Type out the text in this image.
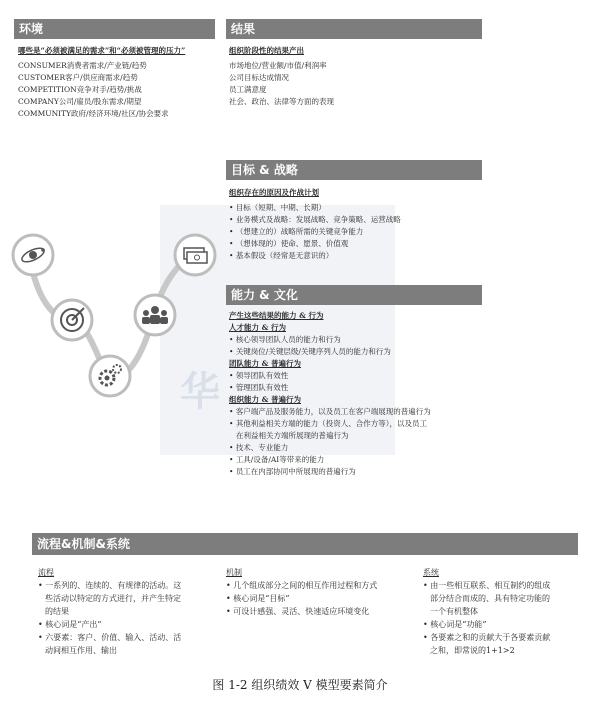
华
环境
哪些是“必须被满足的需求”和“必须被管理的压力”
CONSUMER消费者需求/产业链/趋势
CUSTOMER客户/供应商需求/趋势
COMPETITION竞争对手/趋势/挑战
COMPANY公司/雇员/股东需求/期望
COMMUNITY政府/经济环境/社区/协会要求
结果
组织阶段性的结果产出
市场地位/营业额/市值/利润率
公司目标达成情况
员工满意度
社会、政治、法律等方面的表现
目标 & 战略
组织存在的原因及作战计划
• 目标（短期、中期、长期）
• 业务模式及战略：发展战略、竞争策略、运营战略
• （想建立的）战略所需的关键竞争能力
• （想体现的）使命、愿景、价值观
• 基本假设（经常是无意识的）
能力 & 文化
产生这些结果的能力 & 行为
人才能力 & 行为
• 核心领导团队人员的能力和行为
• 关键岗位/关键层级/关键序列人员的能力和行为
团队能力 & 普遍行为
• 领导团队有效性
• 管理团队有效性
组织能力 & 普遍行为
• 客户端产品及服务能力，以及员工在客户端展现的普遍行为
• 其他利益相关方端的能力（投资人、合作方等），以及员工
在利益相关方端所展现的普遍行为
• 技术、专业能力
• 工具/设备/AI等带来的能力
• 员工在内部协同中所展现的普遍行为
流程&机制&系统
流程
• 一系列的、连续的、有规律的活动。这
些活动以特定的方式进行，并产生特定
的结果
• 核心词是“产出”
• 六要素：客户、价值、输入、活动、活
动间相互作用、输出
机制
• 几个组成部分之间的相互作用过程和方式
• 核心词是“目标”
• 可设计感强、灵活、快速适应环境变化
系统
• 由一些相互联系、相互制约的组成
部分结合而成的、具有特定功能的
一个有机整体
• 核心词是“功能”
• 各要素之和的贡献大于各要素贡献
之和，即常说的1+1>2
图 1-2 组织绩效 V 模型要素简介
